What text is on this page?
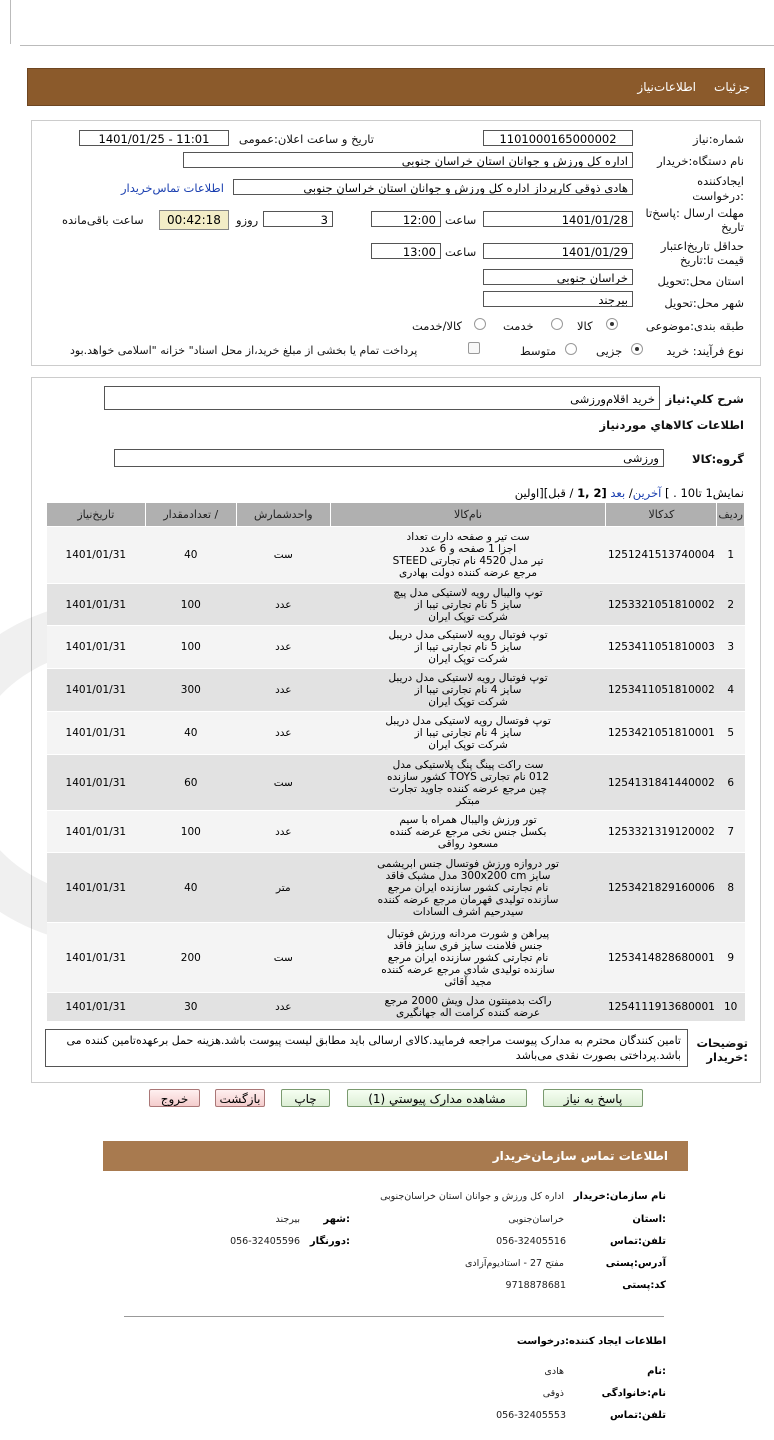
جزئیات
اطلاعات‌نیاز
شماره:نیاز
1101000165000002
تاریخ و ساعت اعلان:عمومی
1401/01/25 - 11:01
نام دستگاه:خریدار
اداره کل ورزش و جوانان استان خراسان جنوبی
ایجادکننده
:درخواست
هادی ذوقی کارپرداز اداره کل ورزش و جوانان استان خراسان جنوبی
اطلاعات تماس‌خریدار
مهلت ارسال :پاسخ‌تا
تاریخ
1401/01/28
ساعت
12:00
3
روزو
00:42:18
ساعت باقی‌مانده
حداقل تاریخ‌اعتبار
قیمت تا:تاریخ
1401/01/29
ساعت
13:00
استان محل:تحویل
خراسان جنوبی
شهر محل:تحویل
بیرجند
طبقه بندی:موضوعی
کالا
خدمت
کالا/خدمت
نوع فرآیند: خرید
جزیی
متوسط
پرداخت تمام یا بخشی از مبلغ خرید،از محل اسناد" خزانه "اسلامی خواهد.بود
شرح کلي:نياز
خرید اقلام‌ورزشی
اطلاعات کالاهاي مورد‌نياز
گروه:کالا
ورزشی
نمایش1 تا10 . ] آخرین/ بعد [2 ,1 / قبل][اولین
ردیف	کدکالا	نام‌کالا	واحدشمارش	/ تعدادمقدار	تاریخ‌نیاز
1	1251241513740004	ست تیر و صفحه دارت تعداد
اجزا 1 صفحه و 6 عدد
تیر مدل 4520 نام تجارتی STEED
مرجع عرضه کننده دولت بهادری	ست	40	1401/01/31
2	1253321051810002	توپ والیبال رویه لاستیکی مدل پیچ
سایز 5 نام تجارتی تیبا از
شرکت توپک ایران	عدد	100	1401/01/31
3	1253411051810003	توپ فوتبال رویه لاستیکی مدل دریبل
سایز 5 نام تجارتی تیبا از
شرکت توپک ایران	عدد	100	1401/01/31
4	1253411051810002	توپ فوتبال رویه لاستیکی مدل دریبل
سایز 4 نام تجارتی تیبا از
شرکت توپک ایران	عدد	300	1401/01/31
5	1253421051810001	توپ فوتسال رویه لاستیکی مدل دریبل
سایز 4 نام تجارتی تیبا از
شرکت توپک ایران	عدد	40	1401/01/31
6	1254131841440002	ست راکت پینگ پنگ پلاستیکی مدل
012 نام تجارتی TOYS کشور سازنده
چین مرجع عرضه کننده جاوید تجارت
مبتکر	ست	60	1401/01/31
7	1253321319120002	تور ورزش والیبال همراه با سیم
بکسل جنس نخی مرجع عرضه کننده
مسعود رواقی	عدد	100	1401/01/31
8	1253421829160006	تور دروازه ورزش فوتسال جنس ابریشمی
سایز 300x200 cm مدل مشبک فاقد
نام تجارتی کشور سازنده ایران مرجع
سازنده تولیدی قهرمان مرجع عرضه کننده
سیدرحیم اشرف السادات	متر	40	1401/01/31
9	1253414828680001	پیراهن و شورت مردانه ورزش فوتبال
جنس فلامنت سایز فری سایز فاقد
نام تجارتی کشور سازنده ایران مرجع
سازنده تولیدی شادی مرجع عرضه کننده
مجید آقائی	ست	200	1401/01/31
10	1254111913680001	راکت بدمینتون مدل ویش 2000 مرجع
عرضه کننده کرامت اله جهانگیری	عدد	30	1401/01/31
توضیحات
:خریدار
تامین کنندگان محترم به مدارک پیوست مراجعه فرمایید.کالای ارسالی باید مطابق لیست پیوست باشد.هزینه حمل برعهده‌تامین کننده می باشد.پرداختی بصورت نقدی می‌باشد
پاسخ به نیاز
مشاهده مدارک پیوستي (1)
چاپ
بازگشت
خروج
اطلاعات تماس سازمان‌خریدار
نام سازمان:خریدار
اداره کل ورزش و جوانان استان خراسان‌جنوبی
:استان
خراسان‌جنوبی
:شهر
بیرجند
تلفن:تماس
056-32405516
:دورنگار
056-32405596
آدرس:پستی
مفتح 27 - استادیوم‌آزادی
کد:پستی
9718878681
اطلاعات ایجاد کننده:درخواست
:نام
هادی
نام:خانوادگی
ذوقی
تلفن:تماس
056-32405553
